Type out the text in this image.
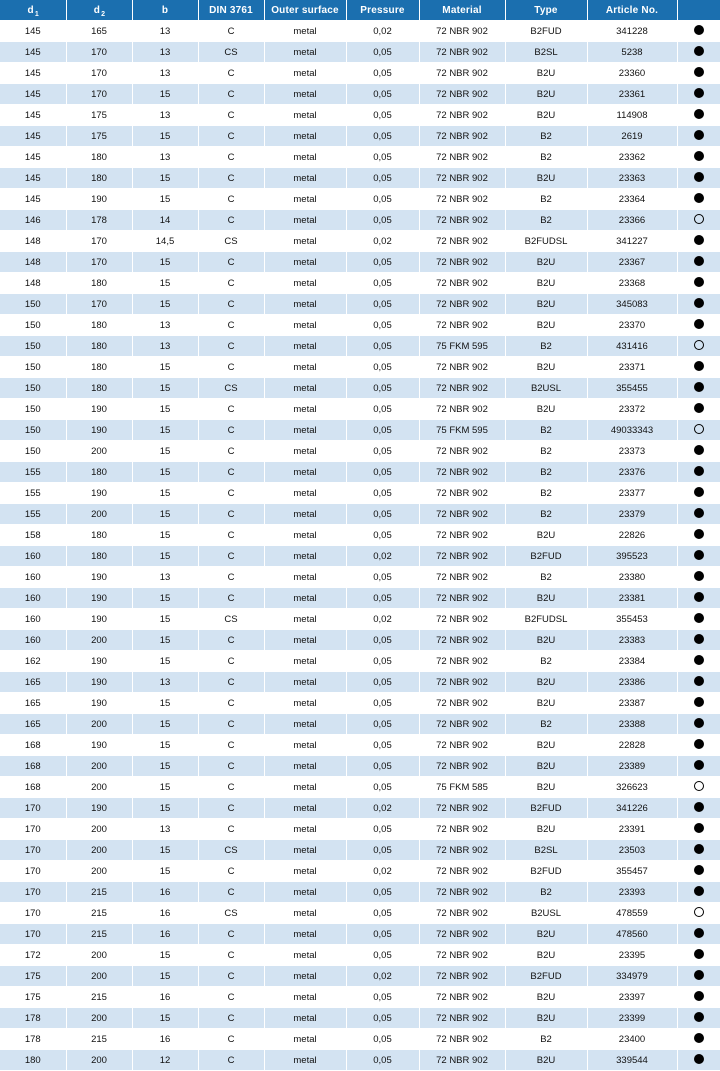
$d_1$	$d_2$	b	DIN 3761	Outer surface	Pressure	Material	Type	Article No.	
145	165	13	C	metal	0,02	72 NBR 902	B2FUD	341228	
145	170	13	CS	metal	0,05	72 NBR 902	B2SL	5238	
145	170	13	C	metal	0,05	72 NBR 902	B2U	23360	
145	170	15	C	metal	0,05	72 NBR 902	B2U	23361	
145	175	13	C	metal	0,05	72 NBR 902	B2U	114908	
145	175	15	C	metal	0,05	72 NBR 902	B2	2619	
145	180	13	C	metal	0,05	72 NBR 902	B2	23362	
145	180	15	C	metal	0,05	72 NBR 902	B2U	23363	
145	190	15	C	metal	0,05	72 NBR 902	B2	23364	
146	178	14	C	metal	0,05	72 NBR 902	B2	23366	
148	170	14,5	CS	metal	0,02	72 NBR 902	B2FUDSL	341227	
148	170	15	C	metal	0,05	72 NBR 902	B2U	23367	
148	180	15	C	metal	0,05	72 NBR 902	B2U	23368	
150	170	15	C	metal	0,05	72 NBR 902	B2U	345083	
150	180	13	C	metal	0,05	72 NBR 902	B2U	23370	
150	180	13	C	metal	0,05	75 FKM 595	B2	431416	
150	180	15	C	metal	0,05	72 NBR 902	B2U	23371	
150	180	15	CS	metal	0,05	72 NBR 902	B2USL	355455	
150	190	15	C	metal	0,05	72 NBR 902	B2U	23372	
150	190	15	C	metal	0,05	75 FKM 595	B2	49033343	
150	200	15	C	metal	0,05	72 NBR 902	B2	23373	
155	180	15	C	metal	0,05	72 NBR 902	B2	23376	
155	190	15	C	metal	0,05	72 NBR 902	B2	23377	
155	200	15	C	metal	0,05	72 NBR 902	B2	23379	
158	180	15	C	metal	0,05	72 NBR 902	B2U	22826	
160	180	15	C	metal	0,02	72 NBR 902	B2FUD	395523	
160	190	13	C	metal	0,05	72 NBR 902	B2	23380	
160	190	15	C	metal	0,05	72 NBR 902	B2U	23381	
160	190	15	CS	metal	0,02	72 NBR 902	B2FUDSL	355453	
160	200	15	C	metal	0,05	72 NBR 902	B2U	23383	
162	190	15	C	metal	0,05	72 NBR 902	B2	23384	
165	190	13	C	metal	0,05	72 NBR 902	B2U	23386	
165	190	15	C	metal	0,05	72 NBR 902	B2U	23387	
165	200	15	C	metal	0,05	72 NBR 902	B2	23388	
168	190	15	C	metal	0,05	72 NBR 902	B2U	22828	
168	200	15	C	metal	0,05	72 NBR 902	B2U	23389	
168	200	15	C	metal	0,05	75 FKM 585	B2U	326623	
170	190	15	C	metal	0,02	72 NBR 902	B2FUD	341226	
170	200	13	C	metal	0,05	72 NBR 902	B2U	23391	
170	200	15	CS	metal	0,05	72 NBR 902	B2SL	23503	
170	200	15	C	metal	0,02	72 NBR 902	B2FUD	355457	
170	215	16	C	metal	0,05	72 NBR 902	B2	23393	
170	215	16	CS	metal	0,05	72 NBR 902	B2USL	478559	
170	215	16	C	metal	0,05	72 NBR 902	B2U	478560	
172	200	15	C	metal	0,05	72 NBR 902	B2U	23395	
175	200	15	C	metal	0,02	72 NBR 902	B2FUD	334979	
175	215	16	C	metal	0,05	72 NBR 902	B2U	23397	
178	200	15	C	metal	0,05	72 NBR 902	B2U	23399	
178	215	16	C	metal	0,05	72 NBR 902	B2	23400	
180	200	12	C	metal	0,05	72 NBR 902	B2U	339544	
